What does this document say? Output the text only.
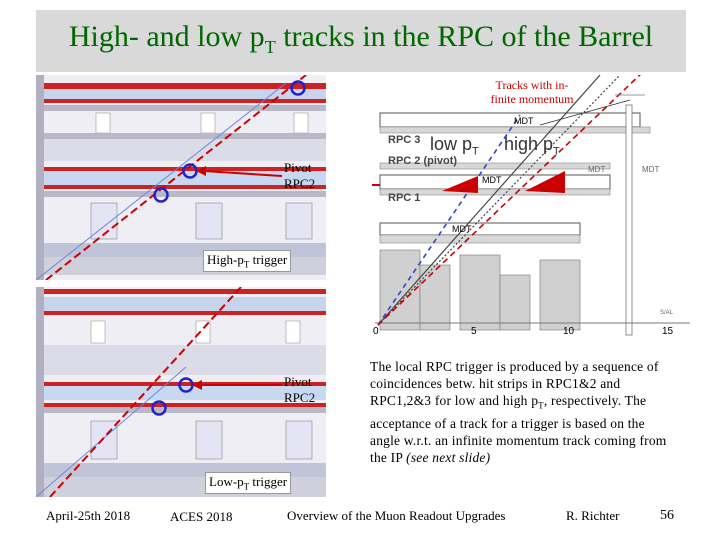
High- and low $p_T$ tracks in the RPC of the Barrel
Pivot
RPC2
High-$p_T$ trigger
Pivot
RPC2
Low-$p_T$ trigger
Tracks with in-
finite momentum
MDT
RPC 3
RPC 2 (pivot)
RPC 1
low $p_T$ high $p_T$
MDT
MDT	MDT
MDT
0	5	10	15
S/AL
The local RPC trigger is produced by a sequence of coincidences betw. hit strips in RPC1&2 and RPC1,2&3 for low and high $p_T$, respectively. The acceptance of a track for a trigger is based on the angle w.r.t. an infinite momentum track coming from the IP (see next slide)
April-25th 2018	ACES 2018	Overview of the Muon Readout Upgrades	R. Richter	56
